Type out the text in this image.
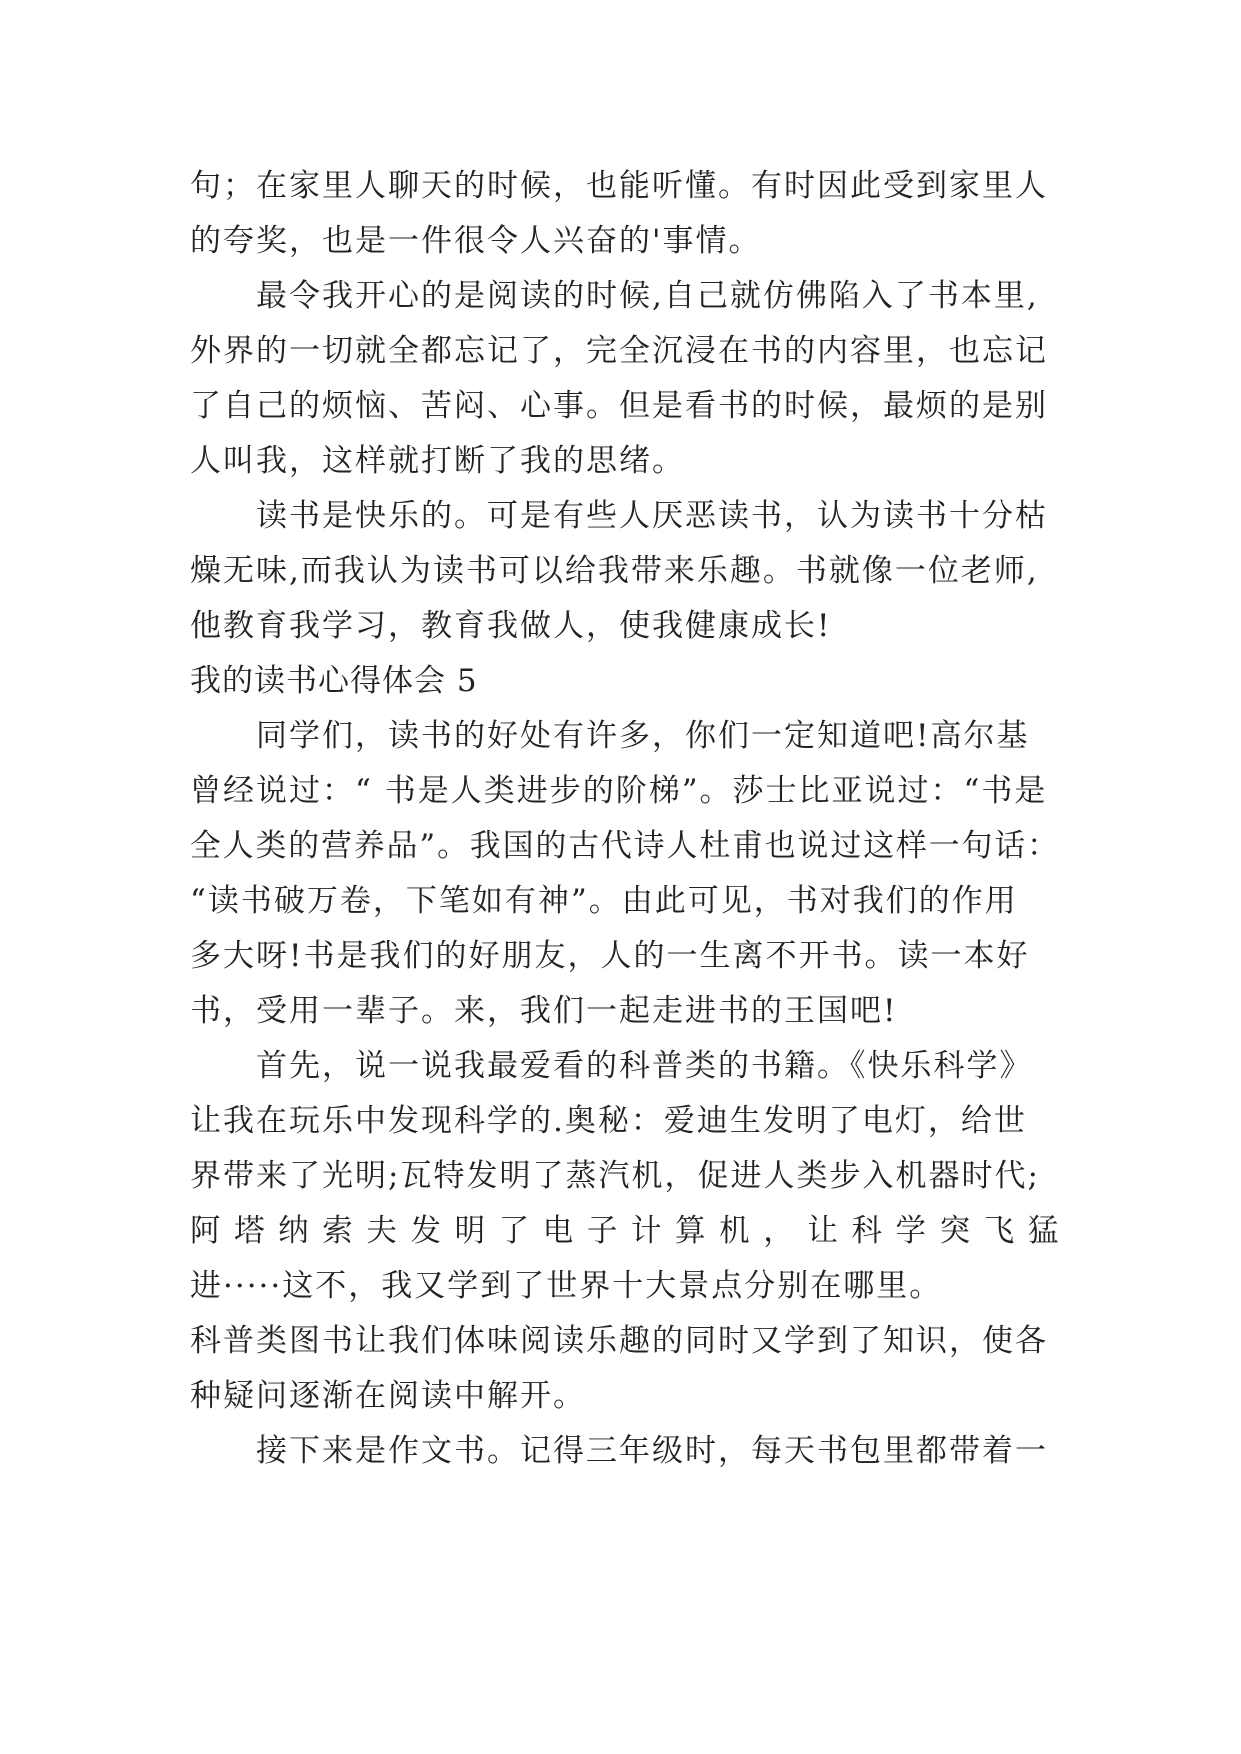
句；在家里人聊天的时候，也能听懂。有时因此受到家里人
的夸奖，也是一件很令人兴奋的'事情。
最令我开心的是阅读的时候,自己就仿佛陷入了书本里,
外界的一切就全都忘记了，完全沉浸在书的内容里，也忘记
了自己的烦恼、苦闷、心事。但是看书的时候，最烦的是别
人叫我，这样就打断了我的思绪。
读书是快乐的。可是有些人厌恶读书，认为读书十分枯
燥无味,而我认为读书可以给我带来乐趣。书就像一位老师,
他教育我学习，教育我做人，使我健康成长!
我的读书心得体会 5
同学们，读书的好处有许多，你们一定知道吧!高尔基
曾经说过：“ 书是人类进步的阶梯”。莎士比亚说过：“书是
全人类的营养品”。我国的古代诗人杜甫也说过这样一句话：
“读书破万卷，下笔如有神”。由此可见，书对我们的作用
多大呀!书是我们的好朋友，人的一生离不开书。读一本好
书，受用一辈子。来，我们一起走进书的王国吧!
首先，说一说我最爱看的科普类的书籍。《快乐科学》
让我在玩乐中发现科学的.奥秘：爱迪生发明了电灯，给世
界带来了光明;瓦特发明了蒸汽机，促进人类步入机器时代;
阿 塔 纳 索 夫 发 明 了 电 子 计 算 机 ， 让 科 学 突 飞 猛
进·····这不，我又学到了世界十大景点分别在哪里。
科普类图书让我们体味阅读乐趣的同时又学到了知识，使各
种疑问逐渐在阅读中解开。
接下来是作文书。记得三年级时，每天书包里都带着一
